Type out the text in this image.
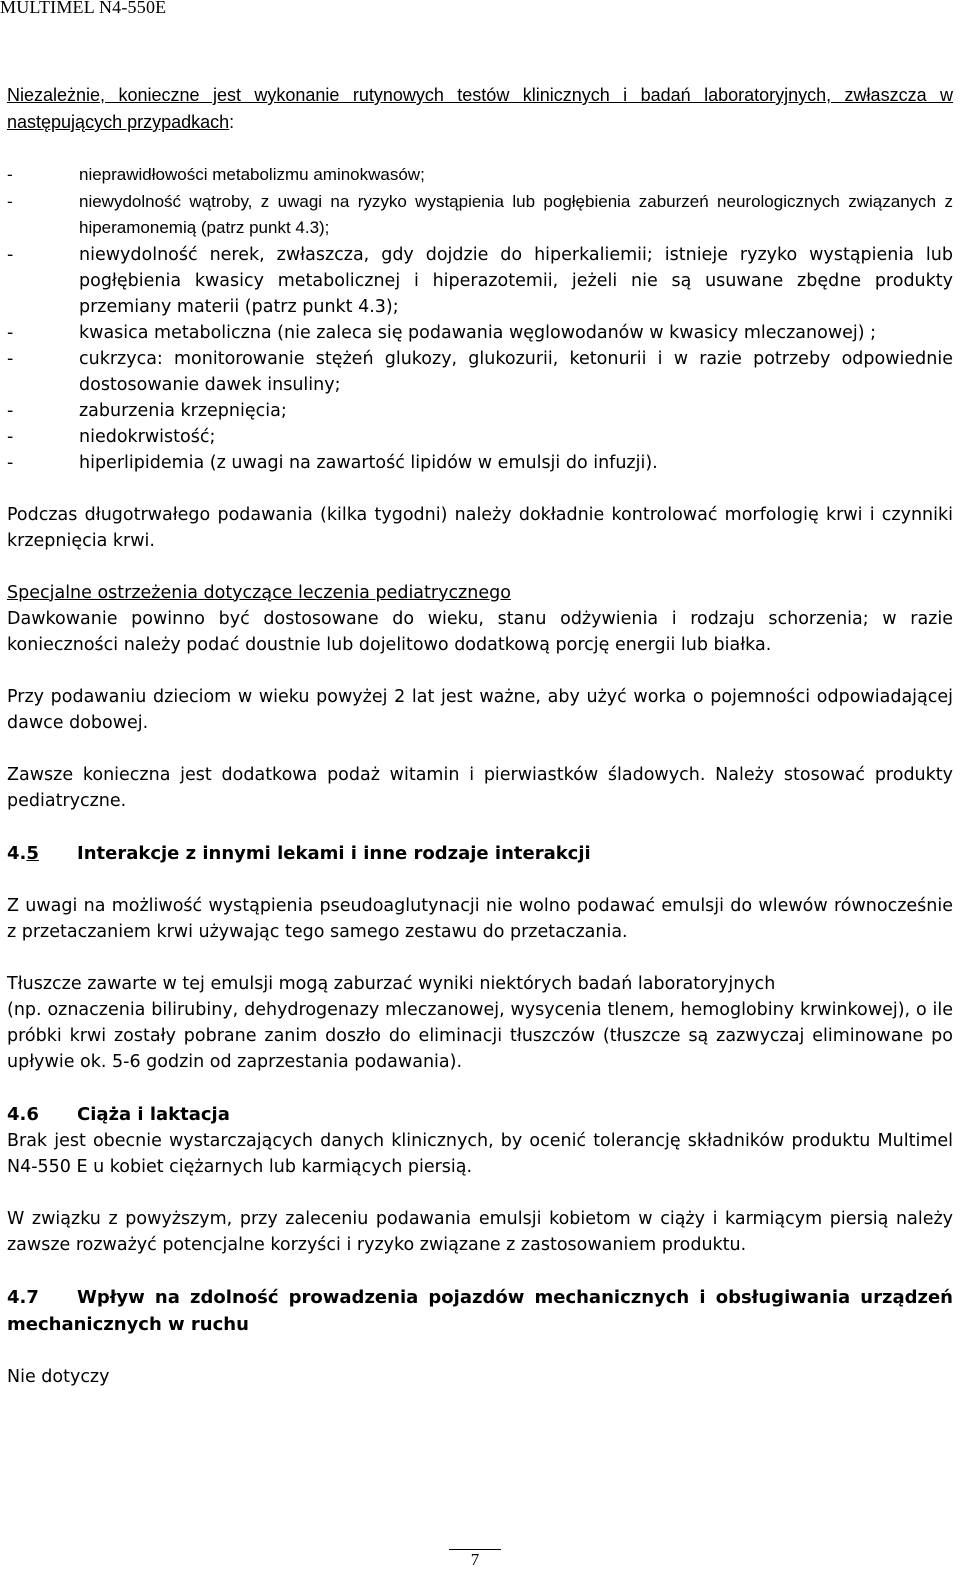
MULTIMEL N4-550E

Niezależnie, konieczne jest wykonanie rutynowych testów klinicznych i badań laboratoryjnych, zwłaszcza w następujących przypadkach:

-	nieprawidłowości metabolizmu aminokwasów;
-	niewydolność wątroby, z uwagi na ryzyko wystąpienia lub pogłębienia zaburzeń neurologicznych związanych z hiperamonemią (patrz punkt 4.3);
-	niewydolność nerek, zwłaszcza, gdy dojdzie do hiperkaliemii; istnieje ryzyko wystąpienia lub pogłębienia kwasicy metabolicznej i hiperazotemii, jeżeli nie są usuwane zbędne produkty przemiany materii (patrz punkt 4.3);
-	kwasica metaboliczna (nie zaleca się podawania węglowodanów w kwasicy mleczanowej) ;
-	cukrzyca: monitorowanie stężeń glukozy, glukozurii, ketonurii i w razie potrzeby odpowiednie dostosowanie dawek insuliny;
-	zaburzenia krzepnięcia;
-	niedokrwistość;
-	hiperlipidemia (z uwagi na zawartość lipidów w emulsji do infuzji).

Podczas długotrwałego podawania (kilka tygodni) należy dokładnie kontrolować morfologię krwi i czynniki krzepnięcia krwi.

Specjalne ostrzeżenia dotyczące leczenia pediatrycznego

Dawkowanie powinno być dostosowane do wieku, stanu odżywienia i rodzaju schorzenia; w razie konieczności należy podać doustnie lub dojelitowo dodatkową porcję energii lub białka.

Przy podawaniu dzieciom w wieku powyżej 2 lat jest ważne, aby użyć worka o pojemności odpowiadającej dawce dobowej.

Zawsze konieczna jest dodatkowa podaż witamin i pierwiastków śladowych. Należy stosować produkty pediatryczne.

4.5	Interakcje z innymi lekami i inne rodzaje interakcji

Z uwagi na możliwość wystąpienia pseudoaglutynacji nie wolno podawać emulsji do wlewów równocześnie z przetaczaniem krwi używając tego samego zestawu do przetaczania.

Tłuszcze zawarte w tej emulsji mogą zaburzać wyniki niektórych badań laboratoryjnych

(np. oznaczenia bilirubiny, dehydrogenazy mleczanowej, wysycenia tlenem, hemoglobiny krwinkowej), o ile próbki krwi zostały pobrane zanim doszło do eliminacji tłuszczów (tłuszcze są zazwyczaj eliminowane po upływie ok. 5-6 godzin od zaprzestania podawania).

4.6	Ciąża i laktacja

Brak jest obecnie wystarczających danych klinicznych, by ocenić tolerancję składników produktu Multimel N4-550 E u kobiet ciężarnych lub karmiących piersią.

W związku z powyższym, przy zaleceniu podawania emulsji kobietom w ciąży i karmiącym piersią należy zawsze rozważyć potencjalne korzyści i ryzyko związane z zastosowaniem produktu.

4.7 Wpływ na zdolność prowadzenia pojazdów mechanicznych i obsługiwania urządzeń mechanicznych w ruchu

Nie dotyczy

7
